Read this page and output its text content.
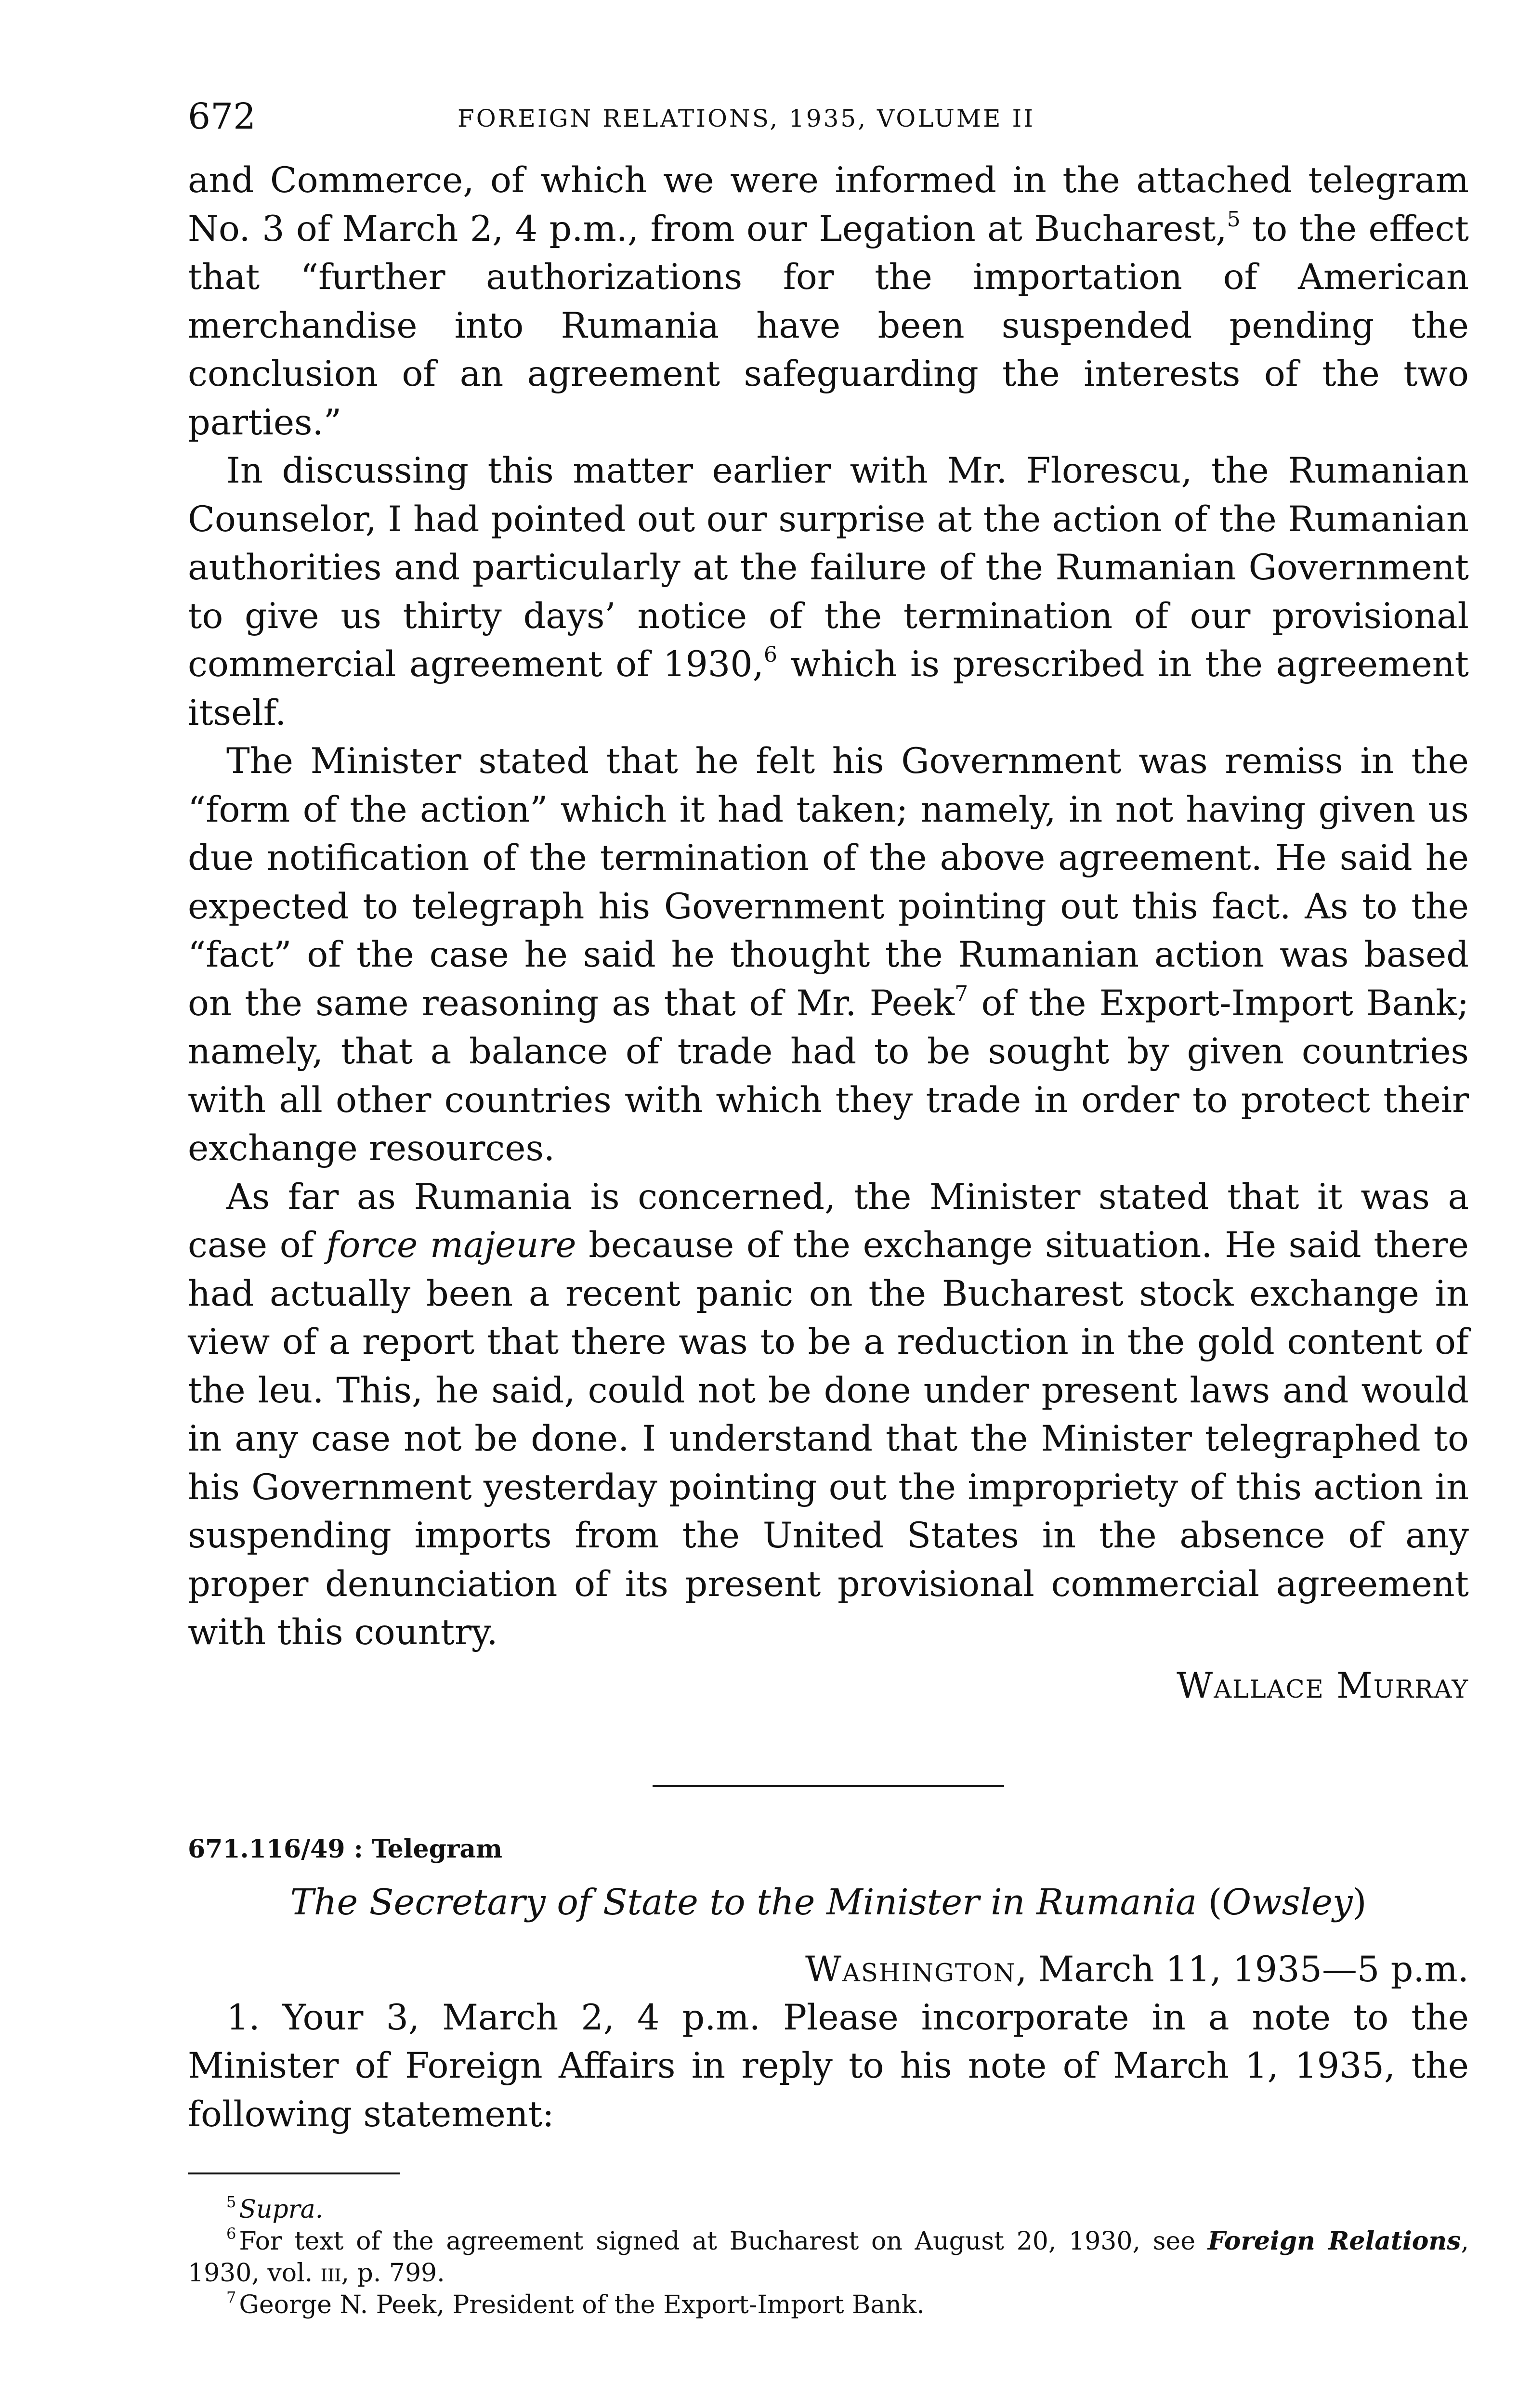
672	FOREIGN RELATIONS, 1935, VOLUME II

and Commerce, of which we were informed in the attached telegram No. 3 of March 2, 4 p.m., from our Legation at Bucharest,$^5$ to the effect that “further authorizations for the importation of American merchandise into Rumania have been suspended pending the conclusion of an agreement safeguarding the interests of the two parties.”

In discussing this matter earlier with Mr. Florescu, the Rumanian Counselor, I had pointed out our surprise at the action of the Rumanian authorities and particularly at the failure of the Rumanian Government to give us thirty days’ notice of the termination of our provisional commercial agreement of 1930,$^6$ which is prescribed in the agreement itself.

The Minister stated that he felt his Government was remiss in the “form of the action” which it had taken; namely, in not having given us due notification of the termination of the above agreement. He said he expected to telegraph his Government pointing out this fact. As to the “fact” of the case he said he thought the Rumanian action was based on the same reasoning as that of Mr. Peek$^7$ of the Export-Import Bank; namely, that a balance of trade had to be sought by given countries with all other countries with which they trade in order to protect their exchange resources.

As far as Rumania is concerned, the Minister stated that it was a case of force majeure because of the exchange situation. He said there had actually been a recent panic on the Bucharest stock exchange in view of a report that there was to be a reduction in the gold content of the leu. This, he said, could not be done under present laws and would in any case not be done. I understand that the Minister telegraphed to his Government yesterday pointing out the impropriety of this action in suspending imports from the United States in the absence of any proper denunciation of its present provisional commercial agreement with this country.

Wallace Murray
671.116/49 : Telegram
The Secretary of State to the Minister in Rumania (Owsley)
Washington, March 11, 1935—5 p.m.

1. Your 3, March 2, 4 p.m. Please incorporate in a note to the Minister of Foreign Affairs in reply to his note of March 1, 1935, the following statement:

$^5$ Supra.
$^6$ For text of the agreement signed at Bucharest on August 20, 1930, see Foreign Relations, 1930, vol. iii, p. 799.
$^7$ George N. Peek, President of the Export-Import Bank.
